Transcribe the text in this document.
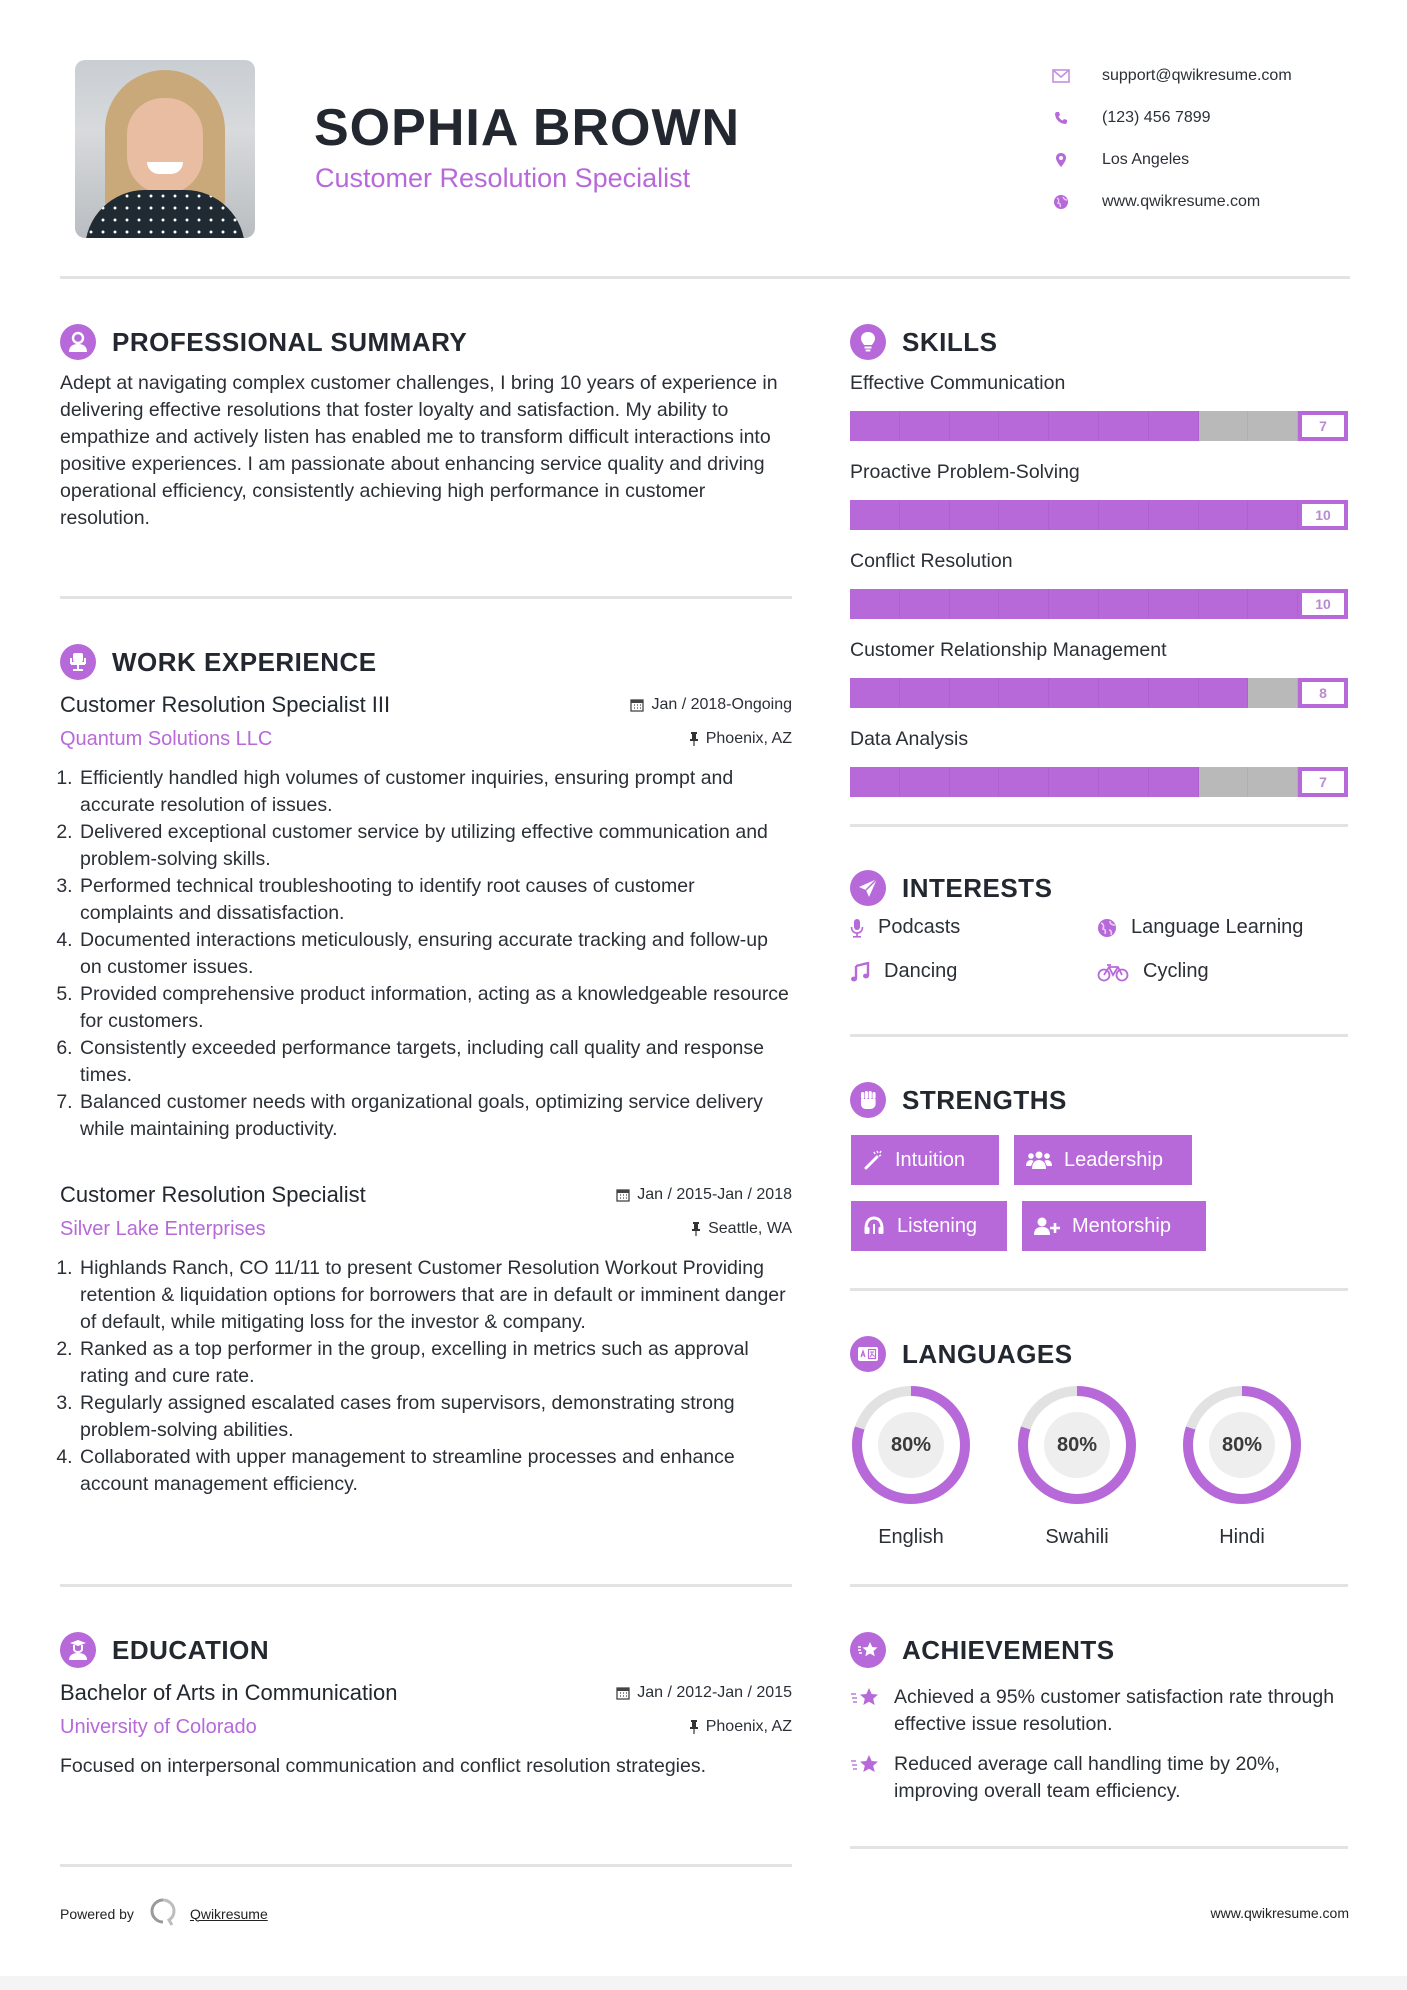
SOPHIA BROWN
Customer Resolution Specialist
support@qwikresume.com
(123) 456 7899
Los Angeles
www.qwikresume.com
PROFESSIONAL SUMMARY

Adept at navigating complex customer challenges, I bring 10 years of experience in delivering effective resolutions that foster loyalty and satisfaction. My ability to empathize and actively listen has enabled me to transform difficult interactions into positive experiences. I am passionate about enhancing service quality and driving operational efficiency, consistently achieving high performance in customer resolution.

WORK EXPERIENCE
Customer Resolution Specialist III
Quantum Solutions LLC
Jan / 2018-Ongoing
Phoenix, AZ
1. Efficiently handled high volumes of customer inquiries, ensuring prompt and accurate resolution of issues.
2. Delivered exceptional customer service by utilizing effective communication and problem-solving skills.
3. Performed technical troubleshooting to identify root causes of customer complaints and dissatisfaction.
4. Documented interactions meticulously, ensuring accurate tracking and follow-up on customer issues.
5. Provided comprehensive product information, acting as a knowledgeable resource for customers.
6. Consistently exceeded performance targets, including call quality and response times.
7. Balanced customer needs with organizational goals, optimizing service delivery while maintaining productivity.
Customer Resolution Specialist
Silver Lake Enterprises
Jan / 2015-Jan / 2018
Seattle, WA
1. Highlands Ranch, CO 11/11 to present Customer Resolution Workout Providing retention & liquidation options for borrowers that are in default or imminent danger of default, while mitigating loss for the investor & company.
2. Ranked as a top performer in the group, excelling in metrics such as approval rating and cure rate.
3. Regularly assigned escalated cases from supervisors, demonstrating strong problem-solving abilities.
4. Collaborated with upper management to streamline processes and enhance account management efficiency.
EDUCATION
Bachelor of Arts in Communication
University of Colorado
Jan / 2012-Jan / 2015
Phoenix, AZ

Focused on interpersonal communication and conflict resolution strategies.

SKILLS
Effective Communication
7
Proactive Problem-Solving
10
Conflict Resolution
10
Customer Relationship Management
8
Data Analysis
7
INTERESTS
Podcasts	Language Learning
Dancing	Cycling
STRENGTHS
Intuition	Leadership
Listening	Mentorship
LANGUAGES
80%
English
80%
Swahili
80%
Hindi
ACHIEVEMENTS
Achieved a 95% customer satisfaction rate through effective issue resolution.
Reduced average call handling time by 20%, improving overall team efficiency.
Powered by	Qwikresume	www.qwikresume.com
